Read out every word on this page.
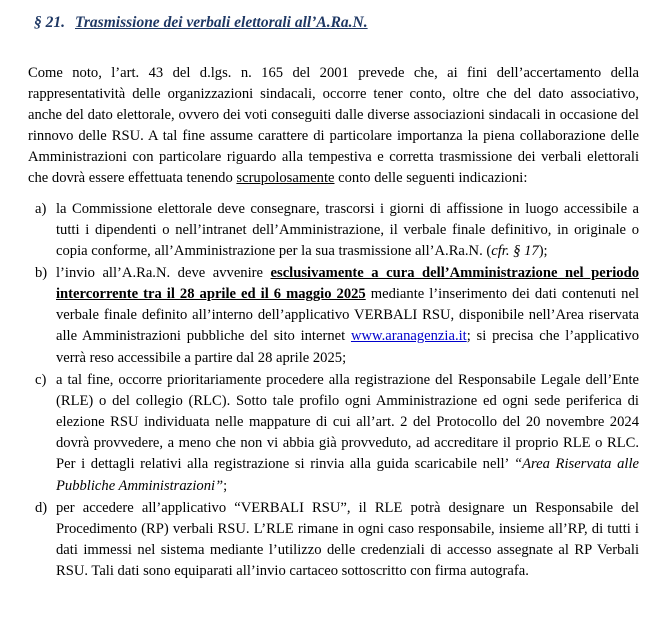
§ 21. Trasmissione dei verbali elettorali all’A.Ra.N.

Come noto, l’art. 43 del d.lgs. n. 165 del 2001 prevede che, ai fini dell’accertamento della rappresentatività delle organizzazioni sindacali, occorre tener conto, oltre che del dato associativo, anche del dato elettorale, ovvero dei voti conseguiti dalle diverse associazioni sindacali in occasione del rinnovo delle RSU. A tal fine assume carattere di particolare importanza la piena collaborazione delle Amministrazioni con particolare riguardo alla tempestiva e corretta trasmissione dei verbali elettorali che dovrà essere effettuata tenendo scrupolosamente conto delle seguenti indicazioni:

a) la Commissione elettorale deve consegnare, trascorsi i giorni di affissione in luogo accessibile a tutti i dipendenti o nell’intranet dell’Amministrazione, il verbale finale definitivo, in originale o copia conforme, all’Amministrazione per la sua trasmissione all’A.Ra.N. (cfr. § 17);
b) l’invio all’A.Ra.N. deve avvenire esclusivamente a cura dell’Amministrazione nel periodo intercorrente tra il 28 aprile ed il 6 maggio 2025 mediante l’inserimento dei dati contenuti nel verbale finale definito all’interno dell’applicativo VERBALI RSU, disponibile nell’Area riservata alle Amministrazioni pubbliche del sito internet www.aranagenzia.it; si precisa che l’applicativo verrà reso accessibile a partire dal 28 aprile 2025;
c) a tal fine, occorre prioritariamente procedere alla registrazione del Responsabile Legale dell’Ente (RLE) o del collegio (RLC). Sotto tale profilo ogni Amministrazione ed ogni sede periferica di elezione RSU individuata nelle mappature di cui all’art. 2 del Protocollo del 20 novembre 2024 dovrà provvedere, a meno che non vi abbia già provveduto, ad accreditare il proprio RLE o RLC. Per i dettagli relativi alla registrazione si rinvia alla guida scaricabile nell’ “Area Riservata alle Pubbliche Amministrazioni”;
d) per accedere all’applicativo “VERBALI RSU”, il RLE potrà designare un Responsabile del Procedimento (RP) verbali RSU. L’RLE rimane in ogni caso responsabile, insieme all’RP, di tutti i dati immessi nel sistema mediante l’utilizzo delle credenziali di accesso assegnate al RP Verbali RSU. Tali dati sono equiparati all’invio cartaceo sottoscritto con firma autografa.
